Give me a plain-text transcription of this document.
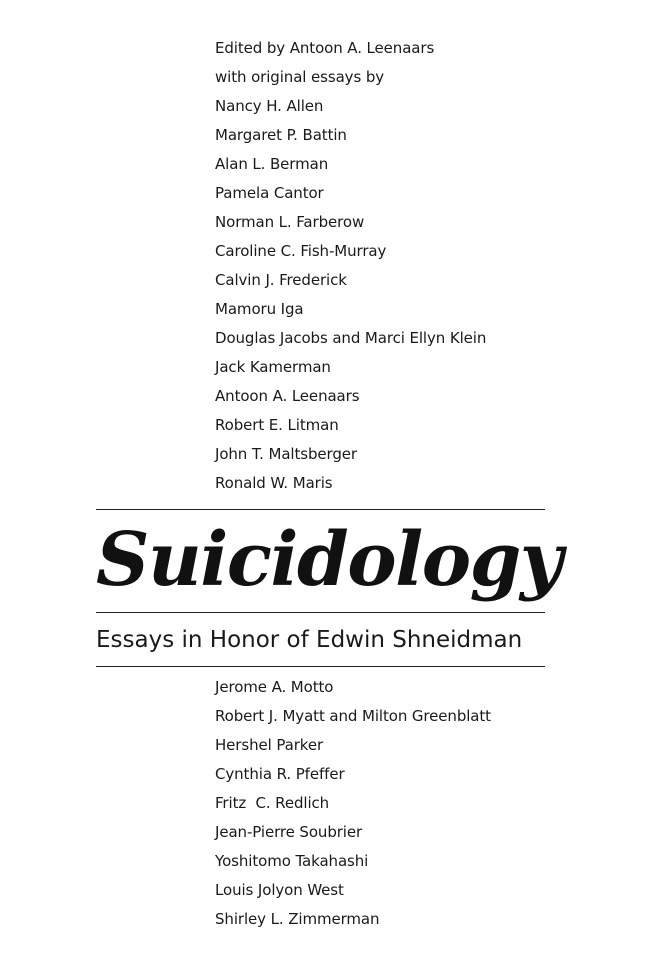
Edited by Antoon A. Leenaars
with original essays by
Nancy H. Allen
Margaret P. Battin
Alan L. Berman
Pamela Cantor
Norman L. Farberow
Caroline C. Fish-Murray
Calvin J. Frederick
Mamoru Iga
Douglas Jacobs and Marci Ellyn Klein
Jack Kamerman
Antoon A. Leenaars
Robert E. Litman
John T. Maltsberger
Ronald W. Maris
Suicidology
Essays in Honor of Edwin Shneidman
Jerome A. Motto
Robert J. Myatt and Milton Greenblatt
Hershel Parker
Cynthia R. Pfeffer
Fritz  C. Redlich
Jean-Pierre Soubrier
Yoshitomo Takahashi
Louis Jolyon West
Shirley L. Zimmerman
